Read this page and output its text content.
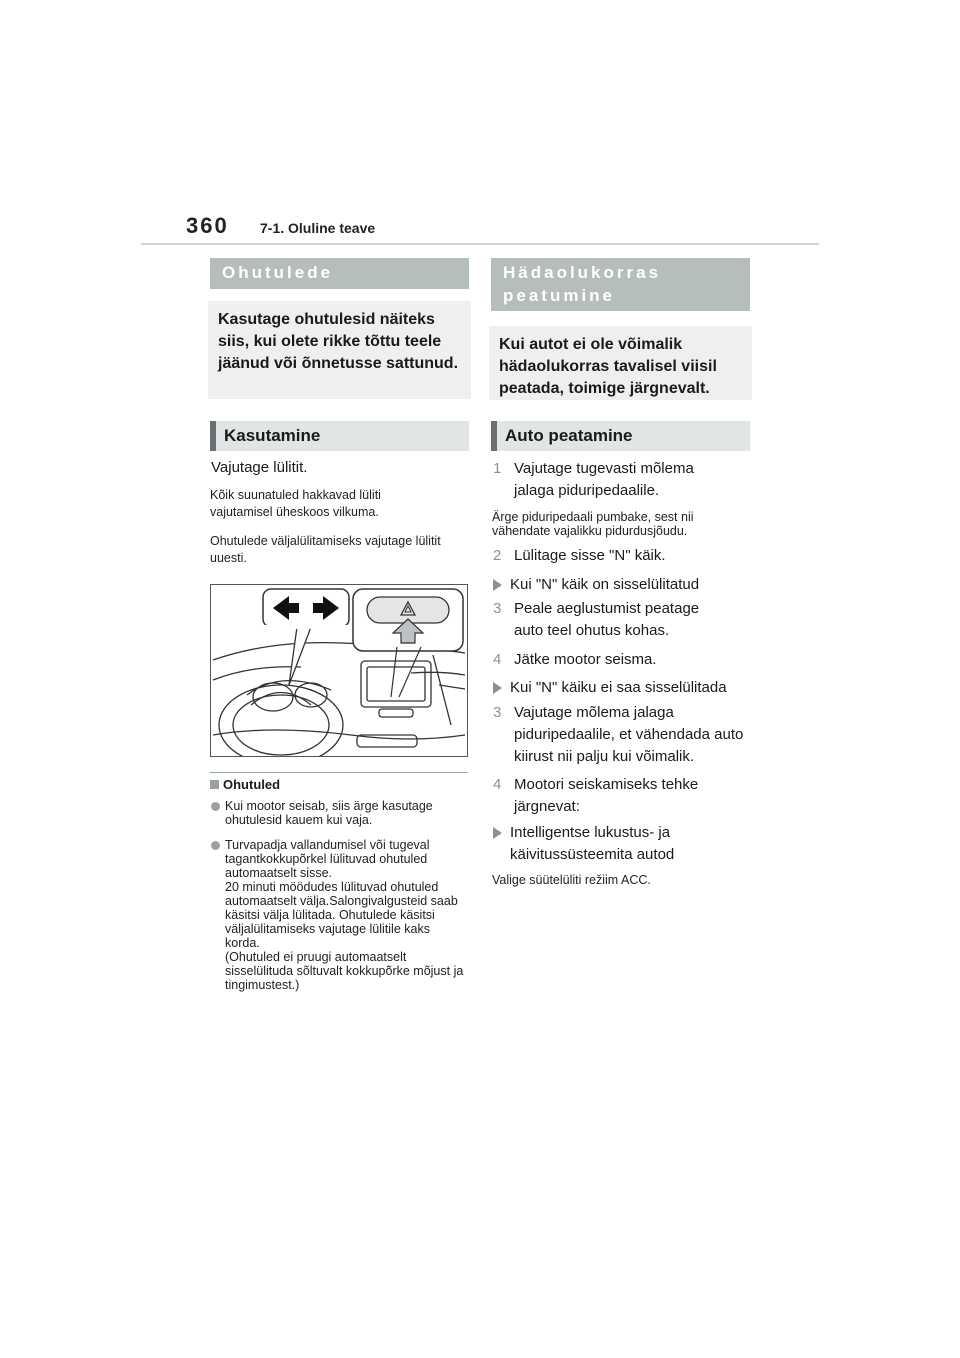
360 7-1. Oluline teave
Ohutulede
Kasutage ohutulesid näiteks siis, kui olete rikke tõttu teele jäänud või õnnetusse sattunud.
Kasutamine
Vajutage lülitit.
Kõik suunatuled hakkavad lüliti vajutamisel üheskoos vilkuma.
Ohutulede väljalülitamiseks vajutage lülitit uuesti.
Ohutuled
Kui mootor seisab, siis ärge kasutage ohutulesid kauem kui vaja.
Turvapadja vallandumisel või tugeval tagantkokkupõrkel lülituvad ohutuled automaatselt sisse.
20 minuti möödudes lülituvad ohutuled automaatselt välja.Salongivalgusteid saab käsitsi välja lülitada. Ohutulede käsitsi väljalülitamiseks vajutage lülitile kaks korda.
(Ohutuled ei pruugi automaatselt sisselülituda sõltuvalt kokkupõrke mõjust ja tingimustest.)
Hädaolukorras peatumine
Kui autot ei ole võimalik hädaolukorras tavalisel viisil peatada, toimige järgnevalt.
Auto peatamine
1 Vajutage tugevasti mõlema jalaga piduripedaalile.
Ärge piduripedaali pumbake, sest nii vähendate vajalikku pidurdusjõudu.
2 Lülitage sisse "N" käik.
Kui "N" käik on sisselülitatud
3 Peale aeglustumist peatage auto teel ohutus kohas.
4 Jätke mootor seisma.
Kui "N" käiku ei saa sisselülitada
3 Vajutage mõlema jalaga piduripedaalile, et vähendada auto kiirust nii palju kui võimalik.
4 Mootori seiskamiseks tehke järgnevat:
Intelligentse lukustus- ja käivitussüsteemita autod
Valige süütelüliti režiim ACC.
